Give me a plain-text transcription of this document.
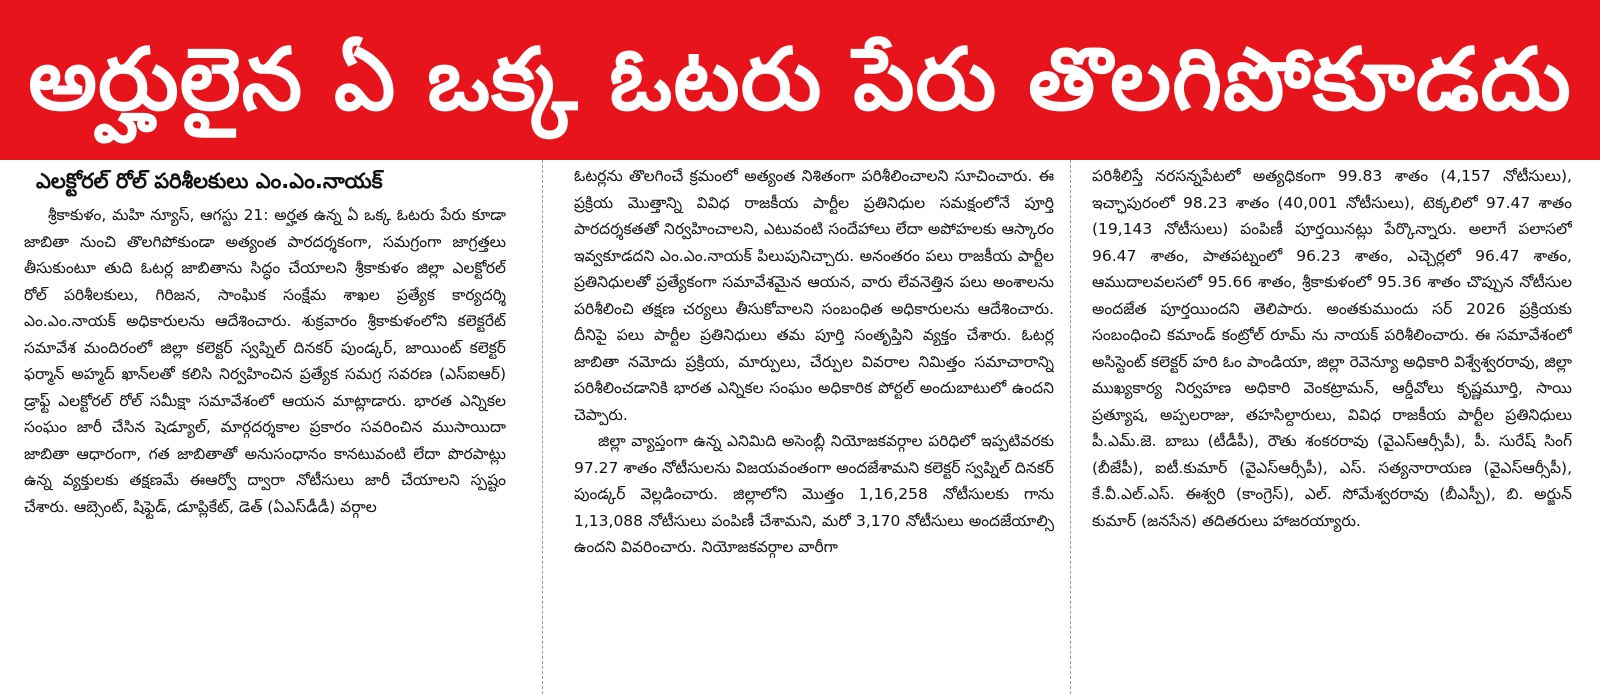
అర్హులైన ఏ ఒక్క ఓటరు పేరు తొలగిపోకూడదు
ఎలక్టోరల్ రోల్ పరిశీలకులు ఎం.ఎం.నాయక్

శ్రీకాకుళం, మహి న్యూస్, ఆగస్టు 21: అర్హత ఉన్న ఏ ఒక్క ఓటరు పేరు కూడా జాబితా నుంచి తొలగిపోకుండా అత్యంత పారదర్శకంగా, సమగ్రంగా జాగ్రత్తలు తీసుకుంటూ తుది ఓటర్ల జాబితాను సిద్ధం చేయాలని శ్రీకాకుళం జిల్లా ఎలక్టోరల్ రోల్ పరిశీలకులు, గిరిజన, సాంఘిక సంక్షేమ శాఖల ప్రత్యేక కార్యదర్శి ఎం.ఎం.నాయక్ అధికారులను ఆదేశించారు. శుక్రవారం శ్రీకాకుళంలోని కలెక్టరేట్ సమావేశ మందిరంలో జిల్లా కలెక్టర్ స్వప్నిల్ దినకర్ పుండ్కర్, జాయింట్ కలెక్టర్ ఫర్మాన్ అహ్మద్ ఖాన్‌లతో కలిసి నిర్వహించిన ప్రత్యేక సమగ్ర సవరణ (ఎస్ఐఆర్) డ్రాఫ్ట్ ఎలక్టోరల్ రోల్ సమీక్షా సమావేశంలో ఆయన మాట్లాడారు. భారత ఎన్నికల సంఘం జారీ చేసిన షెడ్యూల్, మార్గదర్శకాల ప్రకారం సవరించిన ముసాయిదా జాబితా ఆధారంగా, గత జాబితాతో అనుసంధానం కానటువంటి లేదా పొరపాట్లు ఉన్న వ్యక్తులకు తక్షణమే ఈఆర్వో ద్వారా నోటీసులు జారీ చేయాలని స్పష్టం చేశారు. ఆబ్సెంట్, షిఫ్టెడ్, డూప్లికేట్, డెత్ (ఏఎస్‌డీడీ) వర్గాల

ఓటర్లను తొలగించే క్రమంలో అత్యంత నిశితంగా పరిశీలించాలని సూచించారు. ఈ ప్రక్రియ మొత్తాన్ని వివిధ రాజకీయ పార్టీల ప్రతినిధుల సమక్షంలోనే పూర్తి పారదర్శకతతో నిర్వహించాలని, ఎటువంటి సందేహాలు లేదా అపోహలకు ఆస్కారం ఇవ్వకూడదని ఎం.ఎం.నాయక్ పిలుపునిచ్చారు. అనంతరం పలు రాజకీయ పార్టీల ప్రతినిధులతో ప్రత్యేకంగా సమావేశమైన ఆయన, వారు లేవనెత్తిన పలు అంశాలను పరిశీలించి తక్షణ చర్యలు తీసుకోవాలని సంబంధిత అధికారులను ఆదేశించారు. దీనిపై పలు పార్టీల ప్రతినిధులు తమ పూర్తి సంతృప్తిని వ్యక్తం చేశారు. ఓటర్ల జాబితా నమోదు ప్రక్రియ, మార్పులు, చేర్పుల వివరాల నిమిత్తం సమాచారాన్ని పరిశీలించడానికి భారత ఎన్నికల సంఘం అధికారిక పోర్టల్ అందుబాటులో ఉందని చెప్పారు.

జిల్లా వ్యాప్తంగా ఉన్న ఎనిమిది అసెంబ్లీ నియోజకవర్గాల పరిధిలో ఇప్పటివరకు 97.27 శాతం నోటీసులను విజయవంతంగా అందజేశామని కలెక్టర్ స్వప్నిల్ దినకర్ పుండ్కర్ వెల్లడించారు. జిల్లాలోని మొత్తం 1,16,258 నోటీసులకు గాను 1,13,088 నోటీసులు పంపిణీ చేశామని, మరో 3,170 నోటీసులు అందజేయాల్సి ఉందని వివరించారు. నియోజకవర్గాల వారీగా

పరిశీలిస్తే నరసన్నపేటలో అత్యధికంగా 99.83 శాతం (4,157 నోటీసులు), ఇచ్ఛాపురంలో 98.23 శాతం (40,001 నోటీసులు), టెక్కలిలో 97.47 శాతం (19,143 నోటీసులు) పంపిణీ పూర్తయినట్లు పేర్కొన్నారు. అలాగే పలాసలో 96.47 శాతం, పాతపట్నంలో 96.23 శాతం, ఎచ్చెర్లలో 96.47 శాతం, ఆముదాలవలసలో 95.66 శాతం, శ్రీకాకుళంలో 95.36 శాతం చొప్పున నోటీసుల అందజేత పూర్తయిందని తెలిపారు. అంతకుముందు సర్ 2026 ప్రక్రియకు సంబంధించి కమాండ్ కంట్రోల్ రూమ్ ను నాయక్ పరిశీలించారు. ఈ సమావేశంలో అసిస్టెంట్ కలెక్టర్ హరి ఓం పాండియా, జిల్లా రెవెన్యూ అధికారి విశ్వేశ్వరరావు, జిల్లా ముఖ్యకార్య నిర్వహణ అధికారి వెంకట్రామన్, ఆర్డీవోలు కృష్ణమూర్తి, సాయి ప్రత్యూష, అప్పలరాజు, తహసిల్దారులు, వివిధ రాజకీయ పార్టీల ప్రతినిధులు పీ.ఎమ్.జె. బాబు (టీడీపీ), రౌతు శంకరరావు (వైఎస్ఆర్సీపీ), పీ. సురేష్ సింగ్ (బీజేపీ), ఐటీ.కుమార్ (వైఎస్ఆర్సీపీ), ఎస్. సత్యనారాయణ (వైఎస్ఆర్సీపీ), కే.వీ.ఎల్.ఎస్. ఈశ్వరి (కాంగ్రెస్), ఎల్. సోమేశ్వరరావు (బీఎస్పీ), బి. అర్జున్ కుమార్ (జనసేన) తదితరులు హాజరయ్యారు.
